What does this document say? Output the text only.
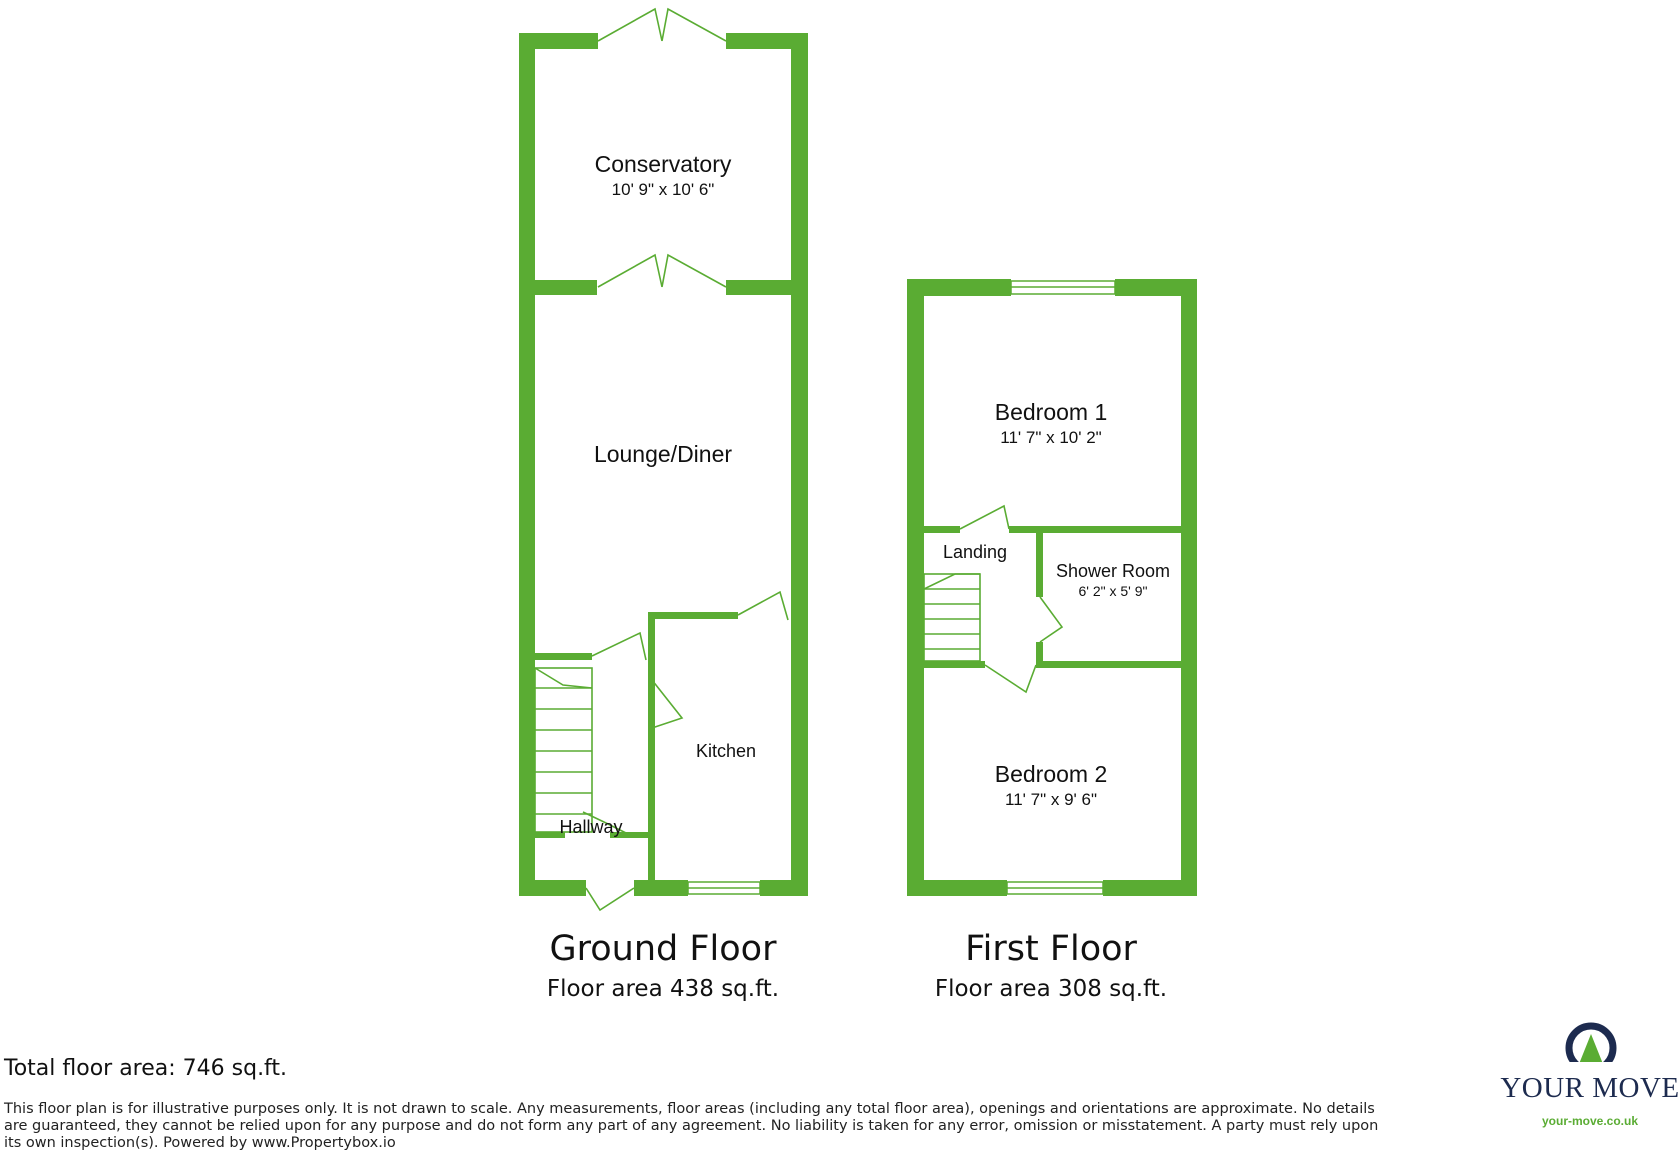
Conservatory
10' 9" x 10' 6"
Lounge/Diner
Kitchen
Hallway
Bedroom 1
11' 7" x 10' 2"
Landing
Shower Room
6' 2" x 5' 9"
Bedroom 2
11' 7" x 9' 6"
Ground Floor
Floor area 438 sq.ft.
First Floor
Floor area 308 sq.ft.

Total floor area: 746 sq.ft.

This floor plan is for illustrative purposes only. It is not drawn to scale. Any measurements, floor areas (including any total floor area), openings and orientations are approximate. No details are guaranteed, they cannot be relied upon for any purpose and do not form any part of any agreement. No liability is taken for any error, omission or misstatement. A party must rely upon its own inspection(s). Powered by www.Propertybox.io

YOUR MOVE
your-move.co.uk
